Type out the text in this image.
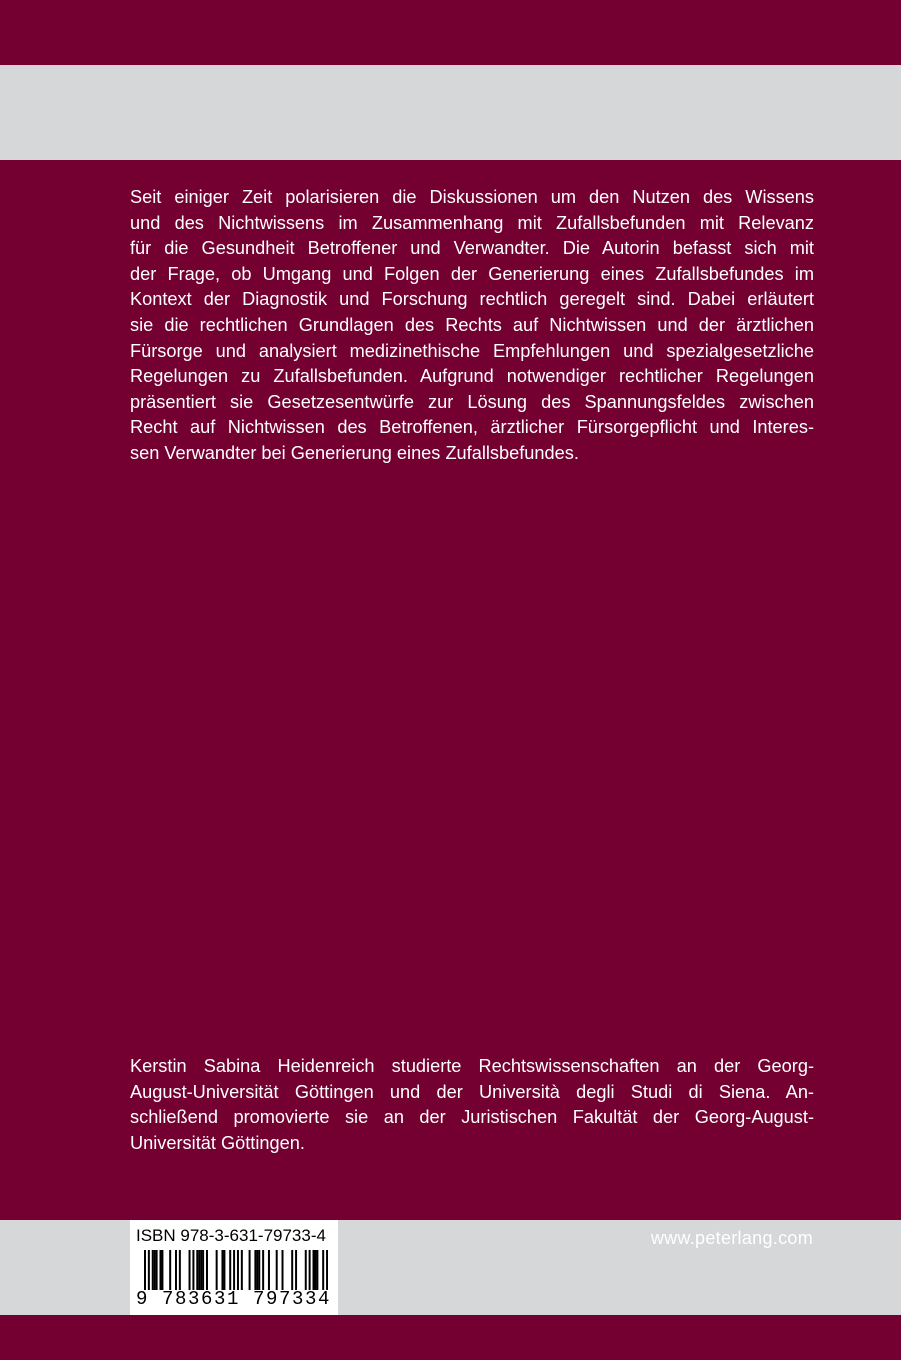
Seit einiger Zeit polarisieren die Diskussionen um den Nutzen des Wissens
und des Nichtwissens im Zusammenhang mit Zufallsbefunden mit Relevanz
für die Gesundheit Betroffener und Verwandter. Die Autorin befasst sich mit
der Frage, ob Umgang und Folgen der Generierung eines Zufallsbefundes im
Kontext der Diagnostik und Forschung rechtlich geregelt sind. Dabei erläutert
sie die rechtlichen Grundlagen des Rechts auf Nichtwissen und der ärztlichen
Fürsorge und analysiert medizinethische Empfehlungen und spezialgesetzliche
Regelungen zu Zufallsbefunden. Aufgrund notwendiger rechtlicher Regelungen
präsentiert sie Gesetzesentwürfe zur Lösung des Spannungsfeldes zwischen
Recht auf Nichtwissen des Betroffenen, ärztlicher Fürsorgepflicht und Interes-
sen Verwandter bei Generierung eines Zufallsbefundes.
Kerstin Sabina Heidenreich studierte Rechtswissenschaften an der Georg-
August-Universität Göttingen und der Università degli Studi di Siena. An-
schließend promovierte sie an der Juristischen Fakultät der Georg-August-
Universität Göttingen.
ISBN 978-3-631-79733-4
9 783631 797334
www.peterlang.com
